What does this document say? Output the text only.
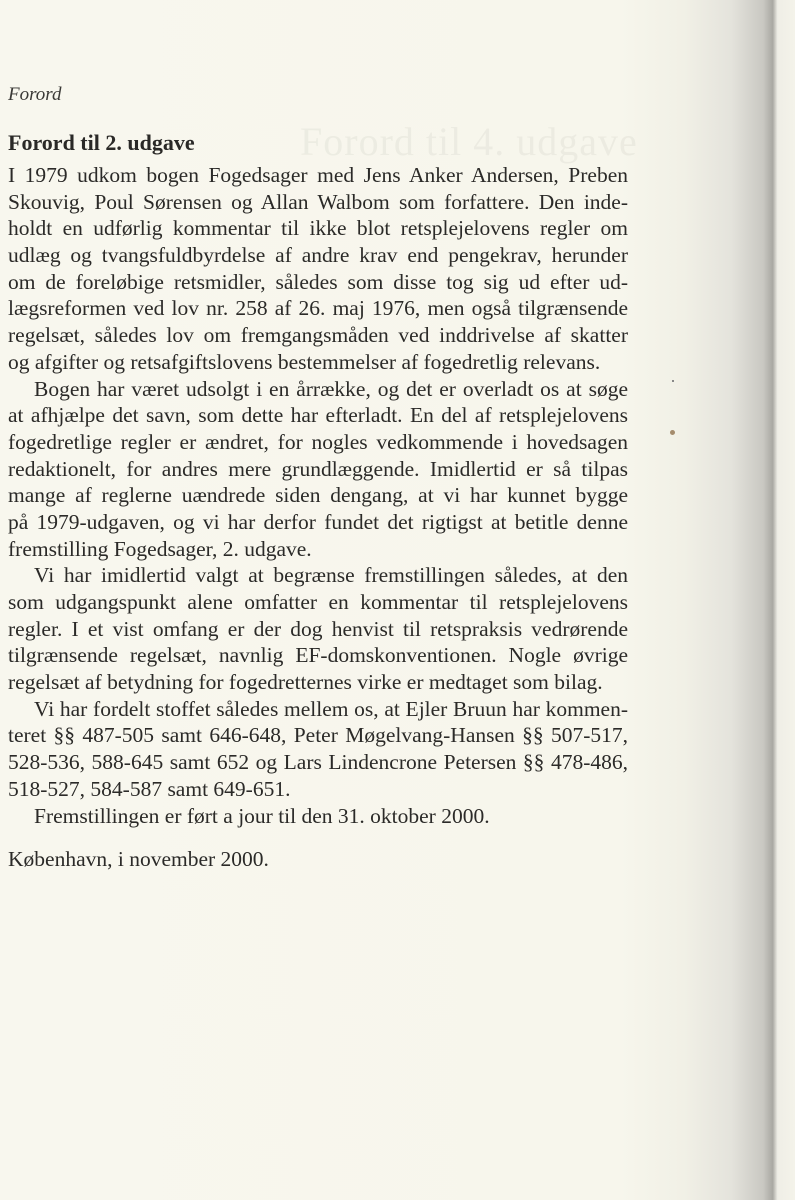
Forord til 4. udgave
Forord
Forord til 2. udgave
I 1979 udkom bogen Fogedsager med Jens Anker Andersen, Preben
Skouvig, Poul Sørensen og Allan Walbom som forfattere. Den inde-
holdt en udførlig kommentar til ikke blot retsplejelovens regler om
udlæg og tvangsfuldbyrdelse af andre krav end pengekrav, herunder
om de foreløbige retsmidler, således som disse tog sig ud efter ud-
lægsreformen ved lov nr. 258 af 26. maj 1976, men også tilgrænsende
regelsæt, således lov om fremgangsmåden ved inddrivelse af skatter
og afgifter og retsafgiftslovens bestemmelser af fogedretlig relevans.
Bogen har været udsolgt i en årrække, og det er overladt os at søge
at afhjælpe det savn, som dette har efterladt. En del af retsplejelovens
fogedretlige regler er ændret, for nogles vedkommende i hovedsagen
redaktionelt, for andres mere grundlæggende. Imidlertid er så tilpas
mange af reglerne uændrede siden dengang, at vi har kunnet bygge
på 1979-udgaven, og vi har derfor fundet det rigtigst at betitle denne
fremstilling Fogedsager, 2. udgave.
Vi har imidlertid valgt at begrænse fremstillingen således, at den
som udgangspunkt alene omfatter en kommentar til retsplejelovens
regler. I et vist omfang er der dog henvist til retspraksis vedrørende
tilgrænsende regelsæt, navnlig EF-domskonventionen. Nogle øvrige
regelsæt af betydning for fogedretternes virke er medtaget som bilag.
Vi har fordelt stoffet således mellem os, at Ejler Bruun har kommen-
teret §§ 487-505 samt 646-648, Peter Møgelvang-Hansen §§ 507-517,
528-536, 588-645 samt 652 og Lars Lindencrone Petersen §§ 478-486,
518-527, 584-587 samt 649-651.
Fremstillingen er ført a jour til den 31. oktober 2000.
København, i november 2000.
